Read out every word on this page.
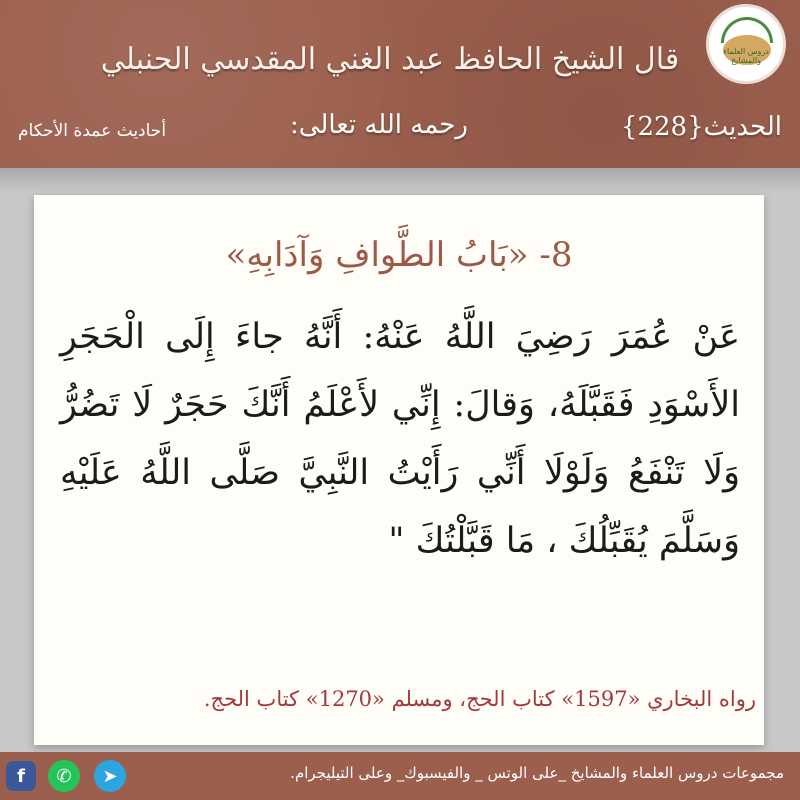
دروس العلماء والمشايخ
قال الشيخ الحافظ عبد الغني المقدسي الحنبلي
الحديث{228}
رحمه الله تعالى:
أحاديث عمدة الأحكام
8- «بَابُ الطَّوافِ وَآدَابِهِ»
عَنْ عُمَرَ رَضِيَ اللَّهُ عَنْهُ: أَنَّهُ جاءَ إِلَى الْحَجَرِ الأَسْوَدِ فَقَبَّلَهُ، وَقالَ: إِنِّي لأَعْلَمُ أَنَّكَ حَجَرٌ لَا تَضُرُّ وَلَا تَنْفَعُ وَلَوْلَا أَنِّي رَأَيْتُ النَّبِيَّ صَلَّى اللَّهُ عَلَيْهِ وَسَلَّمَ يُقَبِّلُكَ ، مَا قَبَّلْتُكَ "
رواه البخاري «1597» كتاب الحج، ومسلم «1270» كتاب الحج.
f	✆	➤	مجموعات دروس العلماء والمشايخ _على الوتس _ والفيسبوك_ وعلى التيليجرام.
